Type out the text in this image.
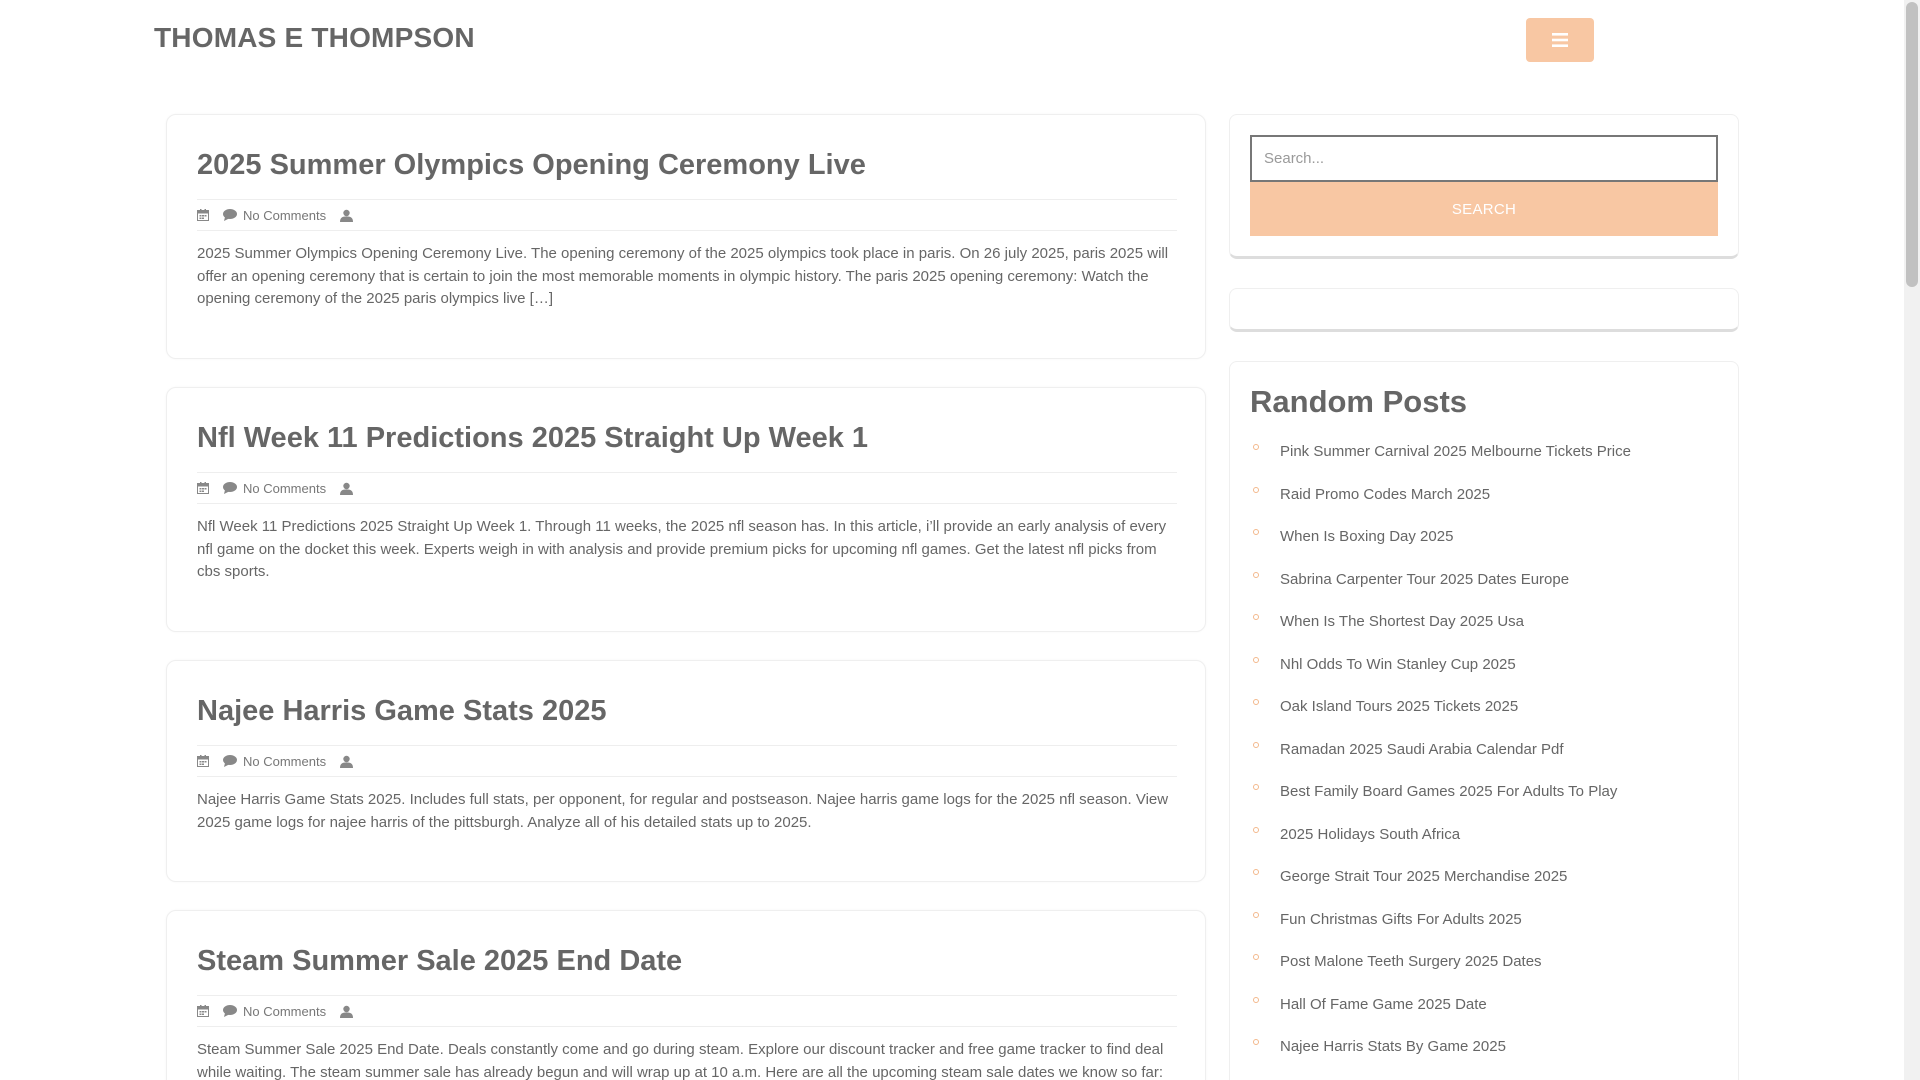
THOMAS E THOMPSON
2025 Summer Olympics Opening Ceremony Live
No Comments

2025 Summer Olympics Opening Ceremony Live. The opening ceremony of the 2025 olympics took place in paris. On 26 july 2025, paris 2025 will offer an opening ceremony that is certain to join the most memorable moments in olympic history. The paris 2025 opening ceremony: Watch the opening ceremony of the 2025 paris olympics live […]

Nfl Week 11 Predictions 2025 Straight Up Week 1
No Comments

Nfl Week 11 Predictions 2025 Straight Up Week 1. Through 11 weeks, the 2025 nfl season has. In this article, i’ll provide an early analysis of every nfl game on the docket this week. Experts weigh in with analysis and provide premium picks for upcoming nfl games. Get the latest nfl picks from cbs sports.

Najee Harris Game Stats 2025
No Comments

Najee Harris Game Stats 2025. Includes full stats, per opponent, for regular and postseason. Najee harris game logs for the 2025 nfl season. View 2025 game logs for najee harris of the pittsburgh. Analyze all of his detailed stats up to 2025.

Steam Summer Sale 2025 End Date
No Comments

Steam Summer Sale 2025 End Date. Deals constantly come and go during steam. Explore our discount tracker and free game tracker to find deal while waiting. The steam summer sale has already begun and will wrap up at 10 a.m. Here are all the upcoming steam sale dates we know so far:

Search...
SEARCH
Random Posts
Pink Summer Carnival 2025 Melbourne Tickets Price
Raid Promo Codes March 2025
When Is Boxing Day 2025
Sabrina Carpenter Tour 2025 Dates Europe
When Is The Shortest Day 2025 Usa
Nhl Odds To Win Stanley Cup 2025
Oak Island Tours 2025 Tickets 2025
Ramadan 2025 Saudi Arabia Calendar Pdf
Best Family Board Games 2025 For Adults To Play
2025 Holidays South Africa
George Strait Tour 2025 Merchandise 2025
Fun Christmas Gifts For Adults 2025
Post Malone Teeth Surgery 2025 Dates
Hall Of Fame Game 2025 Date
Najee Harris Stats By Game 2025
